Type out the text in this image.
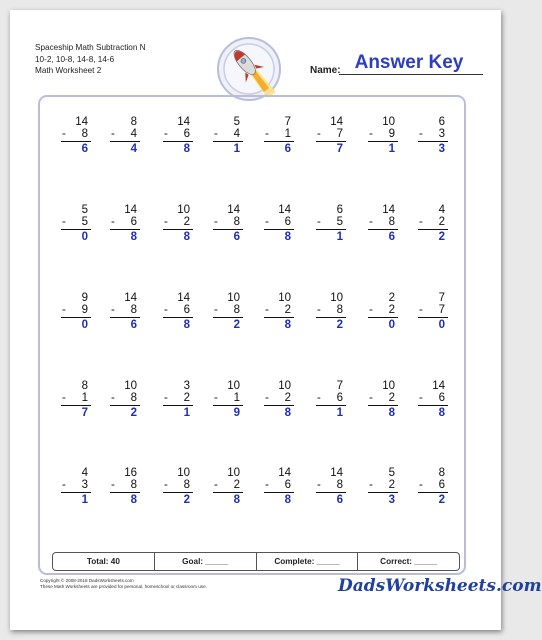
Spaceship Math Subtraction N
10-2, 10-8, 14-8, 14-6
Math Worksheet 2	Answer Key
Name:
14
- 8
6
8
- 4
4
14
- 6
8
5
- 4
1
7
- 1
6
14
- 7
7
10
- 9
1
6
- 3
3
5
- 5
0
14
- 6
8
10
- 2
8
14
- 8
6
14
- 6
8
6
- 5
1
14
- 8
6
4
- 2
2
9
- 9
0
14
- 8
6
14
- 6
8
10
- 8
2
10
- 2
8
10
- 8
2
2
- 2
0
7
- 7
0
8
- 1
7
10
- 8
2
3
- 2
1
10
- 1
9
10
- 2
8
7
- 6
1
10
- 2
8
14
- 6
8
4
- 3
1
16
- 8
8
10
- 8
2
10
- 2
8
14
- 6
8
14
- 8
6
5
- 2
3
8
- 6
2
Total: 40	Goal: _____	Complete: _____	Correct: _____
Copyright © 2008-2018 DadsWorksheets.com
These Math Worksheets are provided for personal, homeschool or classroom use.	DadsWorksheets.com
